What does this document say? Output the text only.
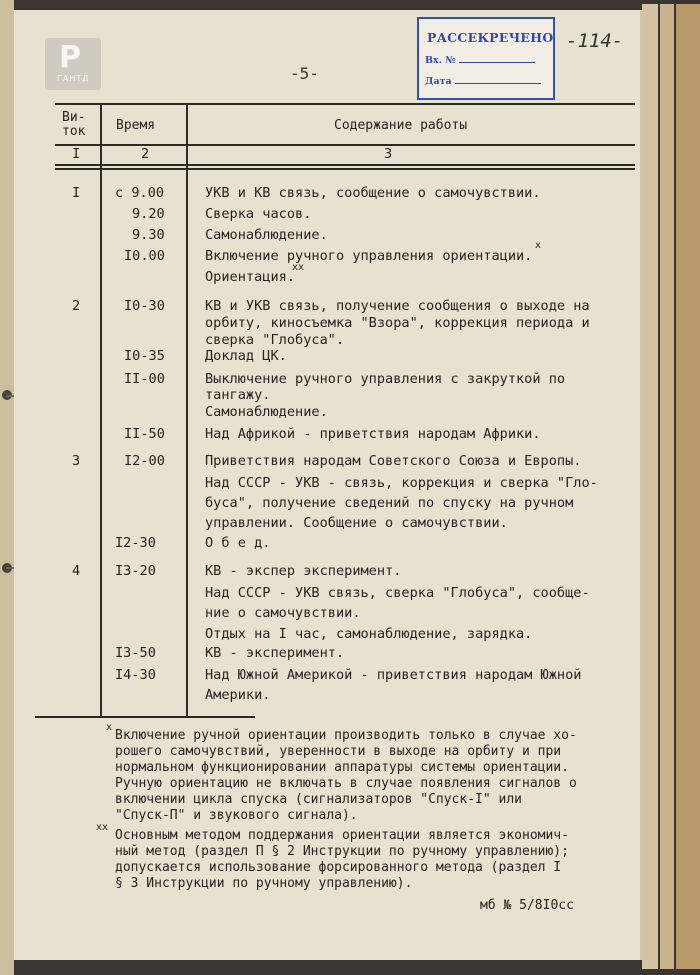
Р
ГАНТД
РАССЕКРЕЧЕНО
Вх. №
Дата
-114-
-5-
Ви-
ток Время	Содержание работы
I	2	3
I	с 9.00	УКВ и КВ связь, сообщение о самочувствии.
9.20	Сверка часов.
9.30	Самонаблюдение.
I0.00	Включение ручного управления ориентации.
x
Ориентация.
xx
2	I0-30	КВ и УКВ связь, получение сообщения о выходе на
орбиту, киносъемка "Взора", коррекция периода и
сверка "Глобуса".
I0-35	Доклад ЦК.
II-00	Выключение ручного управления с закруткой по
тангажу.
Самонаблюдение.
II-50	Над Африкой - приветствия народам Африки.
3	I2-00	Приветствия народам Советского Союза и Европы.
Над СССР - УКВ - связь, коррекция и сверка "Гло-
буса", получение сведений по спуску на ручном
управлении. Сообщение о самочувствии.
I2-30	О б е д.
4	I3-20	КВ - экспер эксперимент.
Над СССР - УКВ связь, сверка "Глобуса", сообще-
ние о самочувствии.
Отдых на I час, самонаблюдение, зарядка.
I3-50	КВ - эксперимент.
I4-30	Над Южной Америкой - приветствия народам Южной
Америки.
x
Включение ручной ориентации производить только в случае хо-
рошего самочувствий, уверенности в выходе на орбиту и при
нормальном функционировании аппаратуры системы ориентации.
Ручную ориентацию не включать в случае появления сигналов о
включении цикла спуска (сигнализаторов "Спуск-I" или
"Спуск-П" и звукового сигнала).
xx
Основным методом поддержания ориентации является экономич-
ный метод (раздел П § 2 Инструкции по ручному управлению);
допускается использование форсированного метода (раздел I
§ 3 Инструкции по ручному управлению).
мб № 5/8I0сс
